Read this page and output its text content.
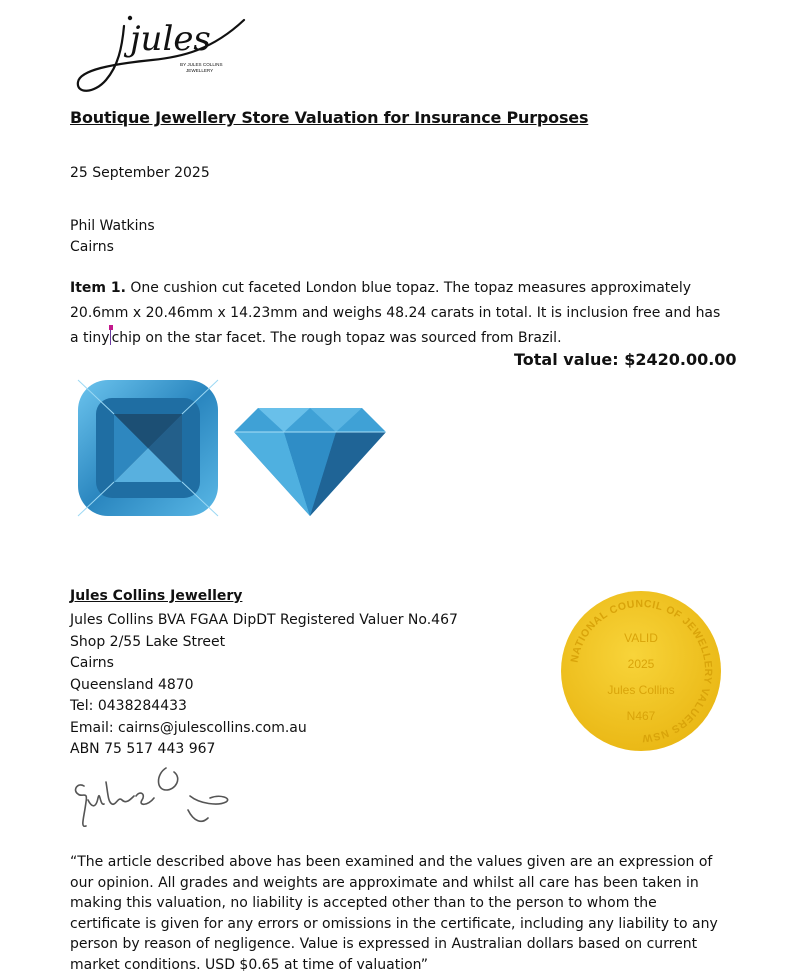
jules
BY JULES COLLINS
JEWELLERY
Boutique Jewellery Store Valuation for Insurance Purposes
25 September 2025
Phil Watkins
Cairns
Item 1. One cushion cut faceted London blue topaz. The topaz measures approximately
20.6mm x 20.46mm x 14.23mm and weighs 48.24 carats in total. It is inclusion free and has
a tiny chip on the star facet. The rough topaz was sourced from Brazil.
Total value: $2420.00.00
Jules Collins Jewellery
Jules Collins BVA FGAA DipDT Registered Valuer No.467
Shop 2/55 Lake Street
Cairns
Queensland 4870
Tel: 0438284433
Email: cairns@julescollins.com.au
ABN 75 517 443 967
NATIONAL COUNCIL OF JEWELLERY VALUERS NSW
VALID
2025
Jules Collins
N467
“The article described above has been examined and the values given are an expression of our opinion. All grades and weights are approximate and whilst all care has been taken in making this valuation, no liability is accepted other than to the person to whom the certificate is given for any errors or omissions in the certificate, including any liability to any person by reason of negligence. Value is expressed in Australian dollars based on current market conditions. USD $0.65 at time of valuation”
